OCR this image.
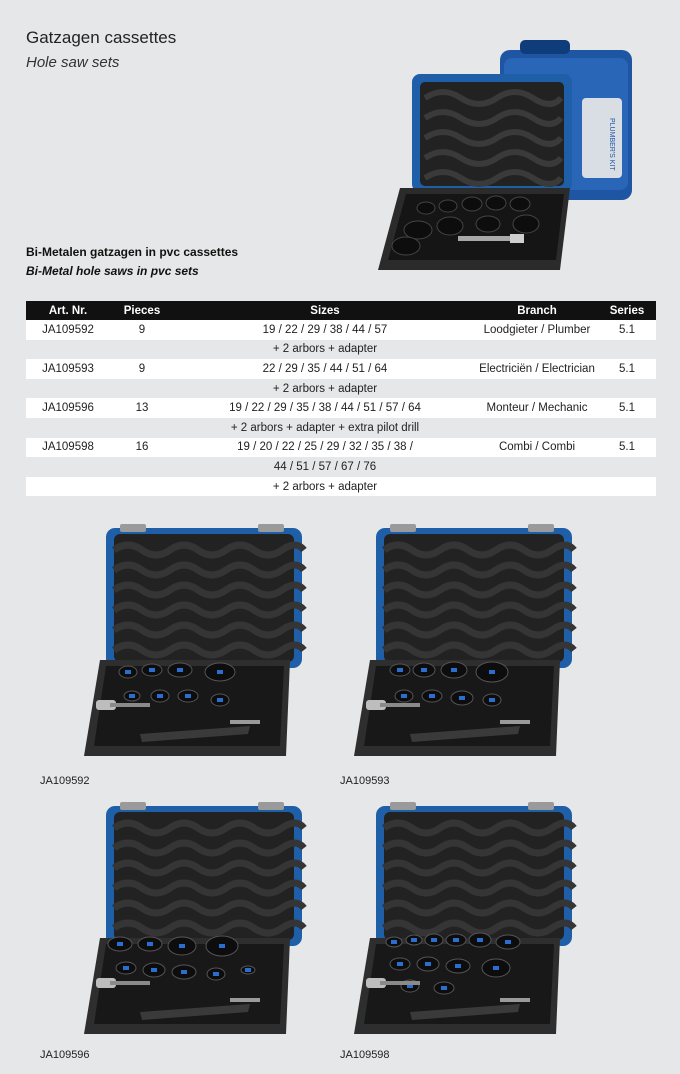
Gatzagen cassettes
Hole saw sets
PLUMBER'S KIT
Bi-Metalen gatzagen in pvc cassettes
Bi-Metal hole saws in pvc sets
Art. Nr.	Pieces	Sizes	Branch	Series
JA109592	9	19 / 22 / 29 / 38 / 44 / 57	Loodgieter / Plumber	5.1
		+ 2 arbors + adapter		
JA109593	9	22 / 29 / 35 / 44 / 51 / 64	Electriciën / Electrician	5.1
		+ 2 arbors + adapter		
JA109596	13	19 / 22 / 29 / 35 / 38 / 44 / 51 / 57 / 64	Monteur / Mechanic	5.1
		+ 2 arbors + adapter + extra pilot drill		
JA109598	16	19 / 20 / 22 / 25 / 29 / 32 / 35 / 38 /	Combi / Combi	5.1
		44 / 51 / 57 / 67 / 76		
		+ 2 arbors + adapter		
JA109592	JA109593
JA109596	JA109598
